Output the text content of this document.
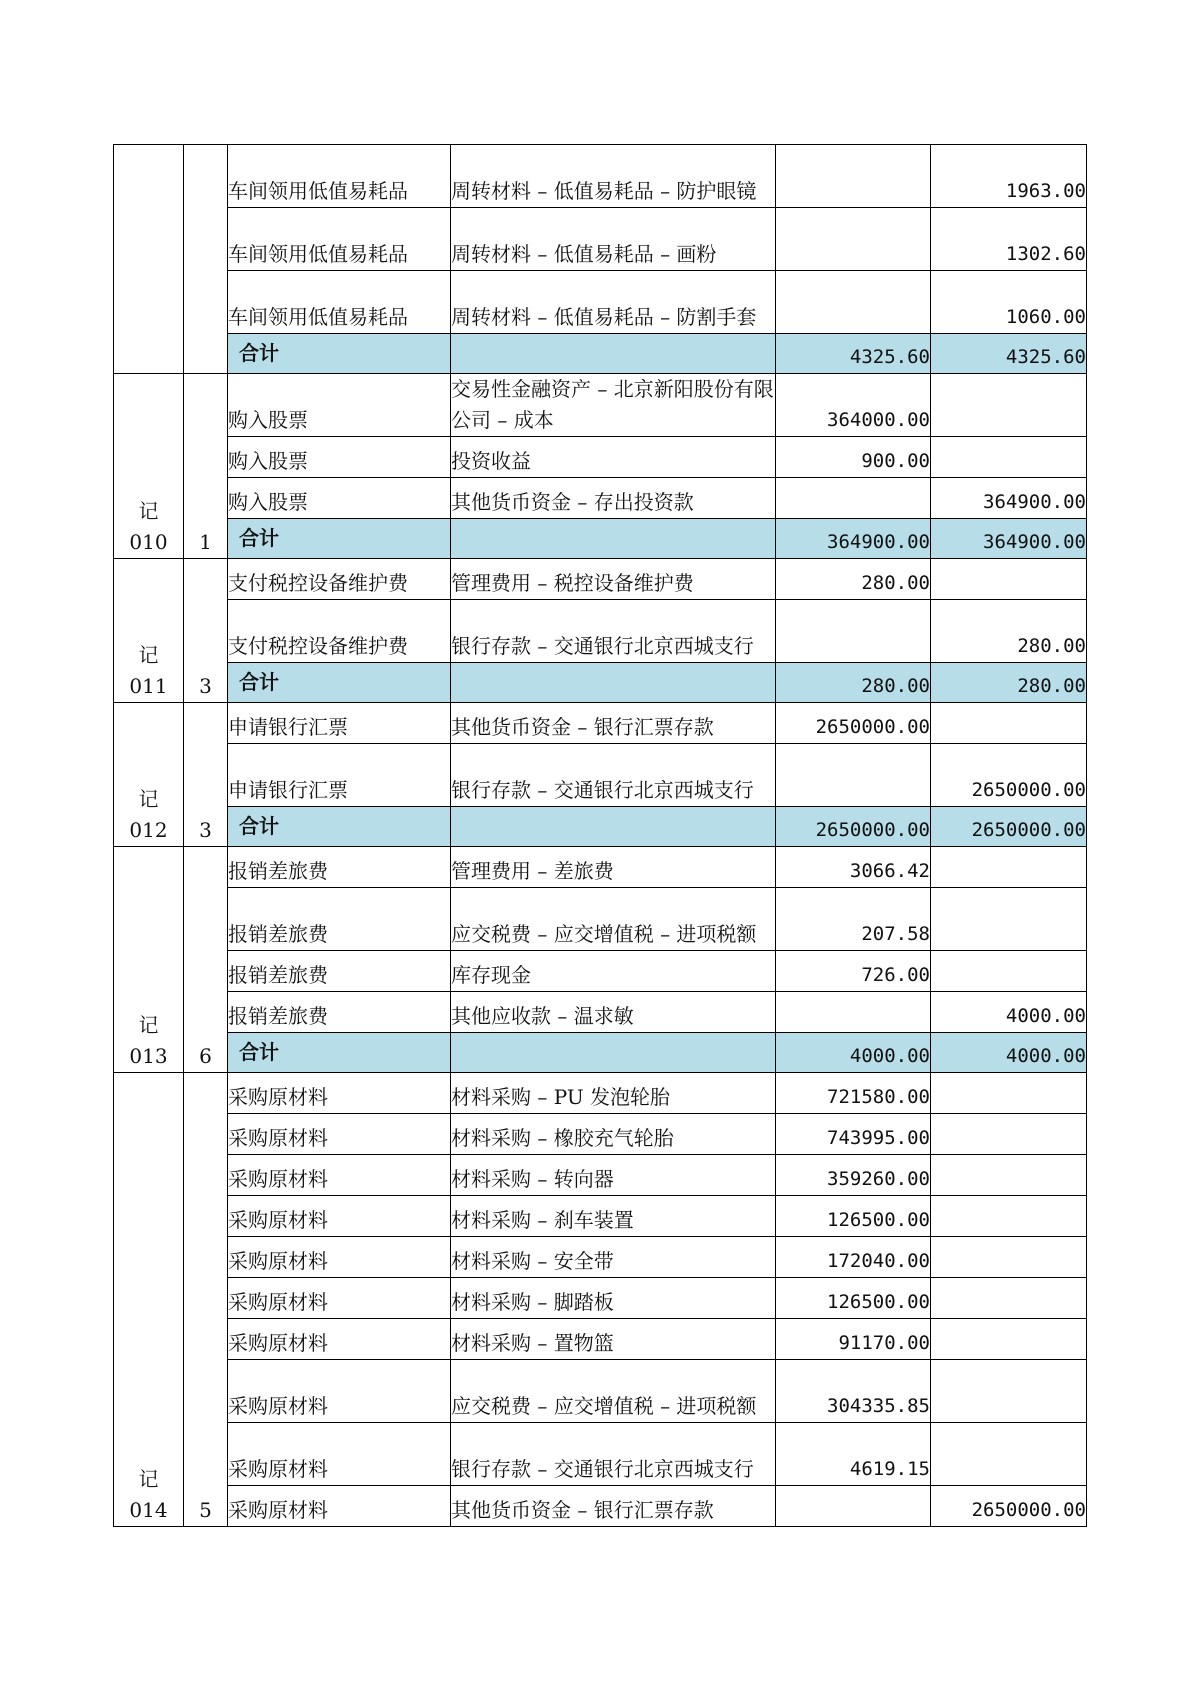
		车间领用低值易耗品	周转材料 – 低值易耗品 – 防护眼镜		1963.00
		车间领用低值易耗品	周转材料 – 低值易耗品 – 画粉		1302.60
		车间领用低值易耗品	周转材料 – 低值易耗品 – 防割手套		1060.00
		合计		4325.60	4325.60

记
010	1	购入股票	交易性金融资产 – 北京新阳股份有限公司 – 成本	364000.00	
		购入股票	投资收益	900.00	
		购入股票	其他货币资金 – 存出投资款		364900.00
		合计		364900.00	364900.00

记
011	3	支付税控设备维护费	管理费用 – 税控设备维护费	280.00	
		支付税控设备维护费	银行存款 – 交通银行北京西城支行		280.00
		合计		280.00	280.00

记
012	3	申请银行汇票	其他货币资金 – 银行汇票存款	2650000.00	
		申请银行汇票	银行存款 – 交通银行北京西城支行		2650000.00
		合计		2650000.00	2650000.00

记
013	6	报销差旅费	管理费用 – 差旅费	3066.42	
		报销差旅费	应交税费 – 应交增值税 – 进项税额	207.58	
		报销差旅费	库存现金	726.00	
		报销差旅费	其他应收款 – 温求敏		4000.00
		合计		4000.00	4000.00

记
014	5	采购原材料	材料采购 – PU 发泡轮胎	721580.00	
		采购原材料	材料采购 – 橡胶充气轮胎	743995.00	
		采购原材料	材料采购 – 转向器	359260.00	
		采购原材料	材料采购 – 刹车装置	126500.00	
		采购原材料	材料采购 – 安全带	172040.00	
		采购原材料	材料采购 – 脚踏板	126500.00	
		采购原材料	材料采购 – 置物篮	91170.00	
		采购原材料	应交税费 – 应交增值税 – 进项税额	304335.85	
		采购原材料	银行存款 – 交通银行北京西城支行	4619.15	
		采购原材料	其他货币资金 – 银行汇票存款		2650000.00
